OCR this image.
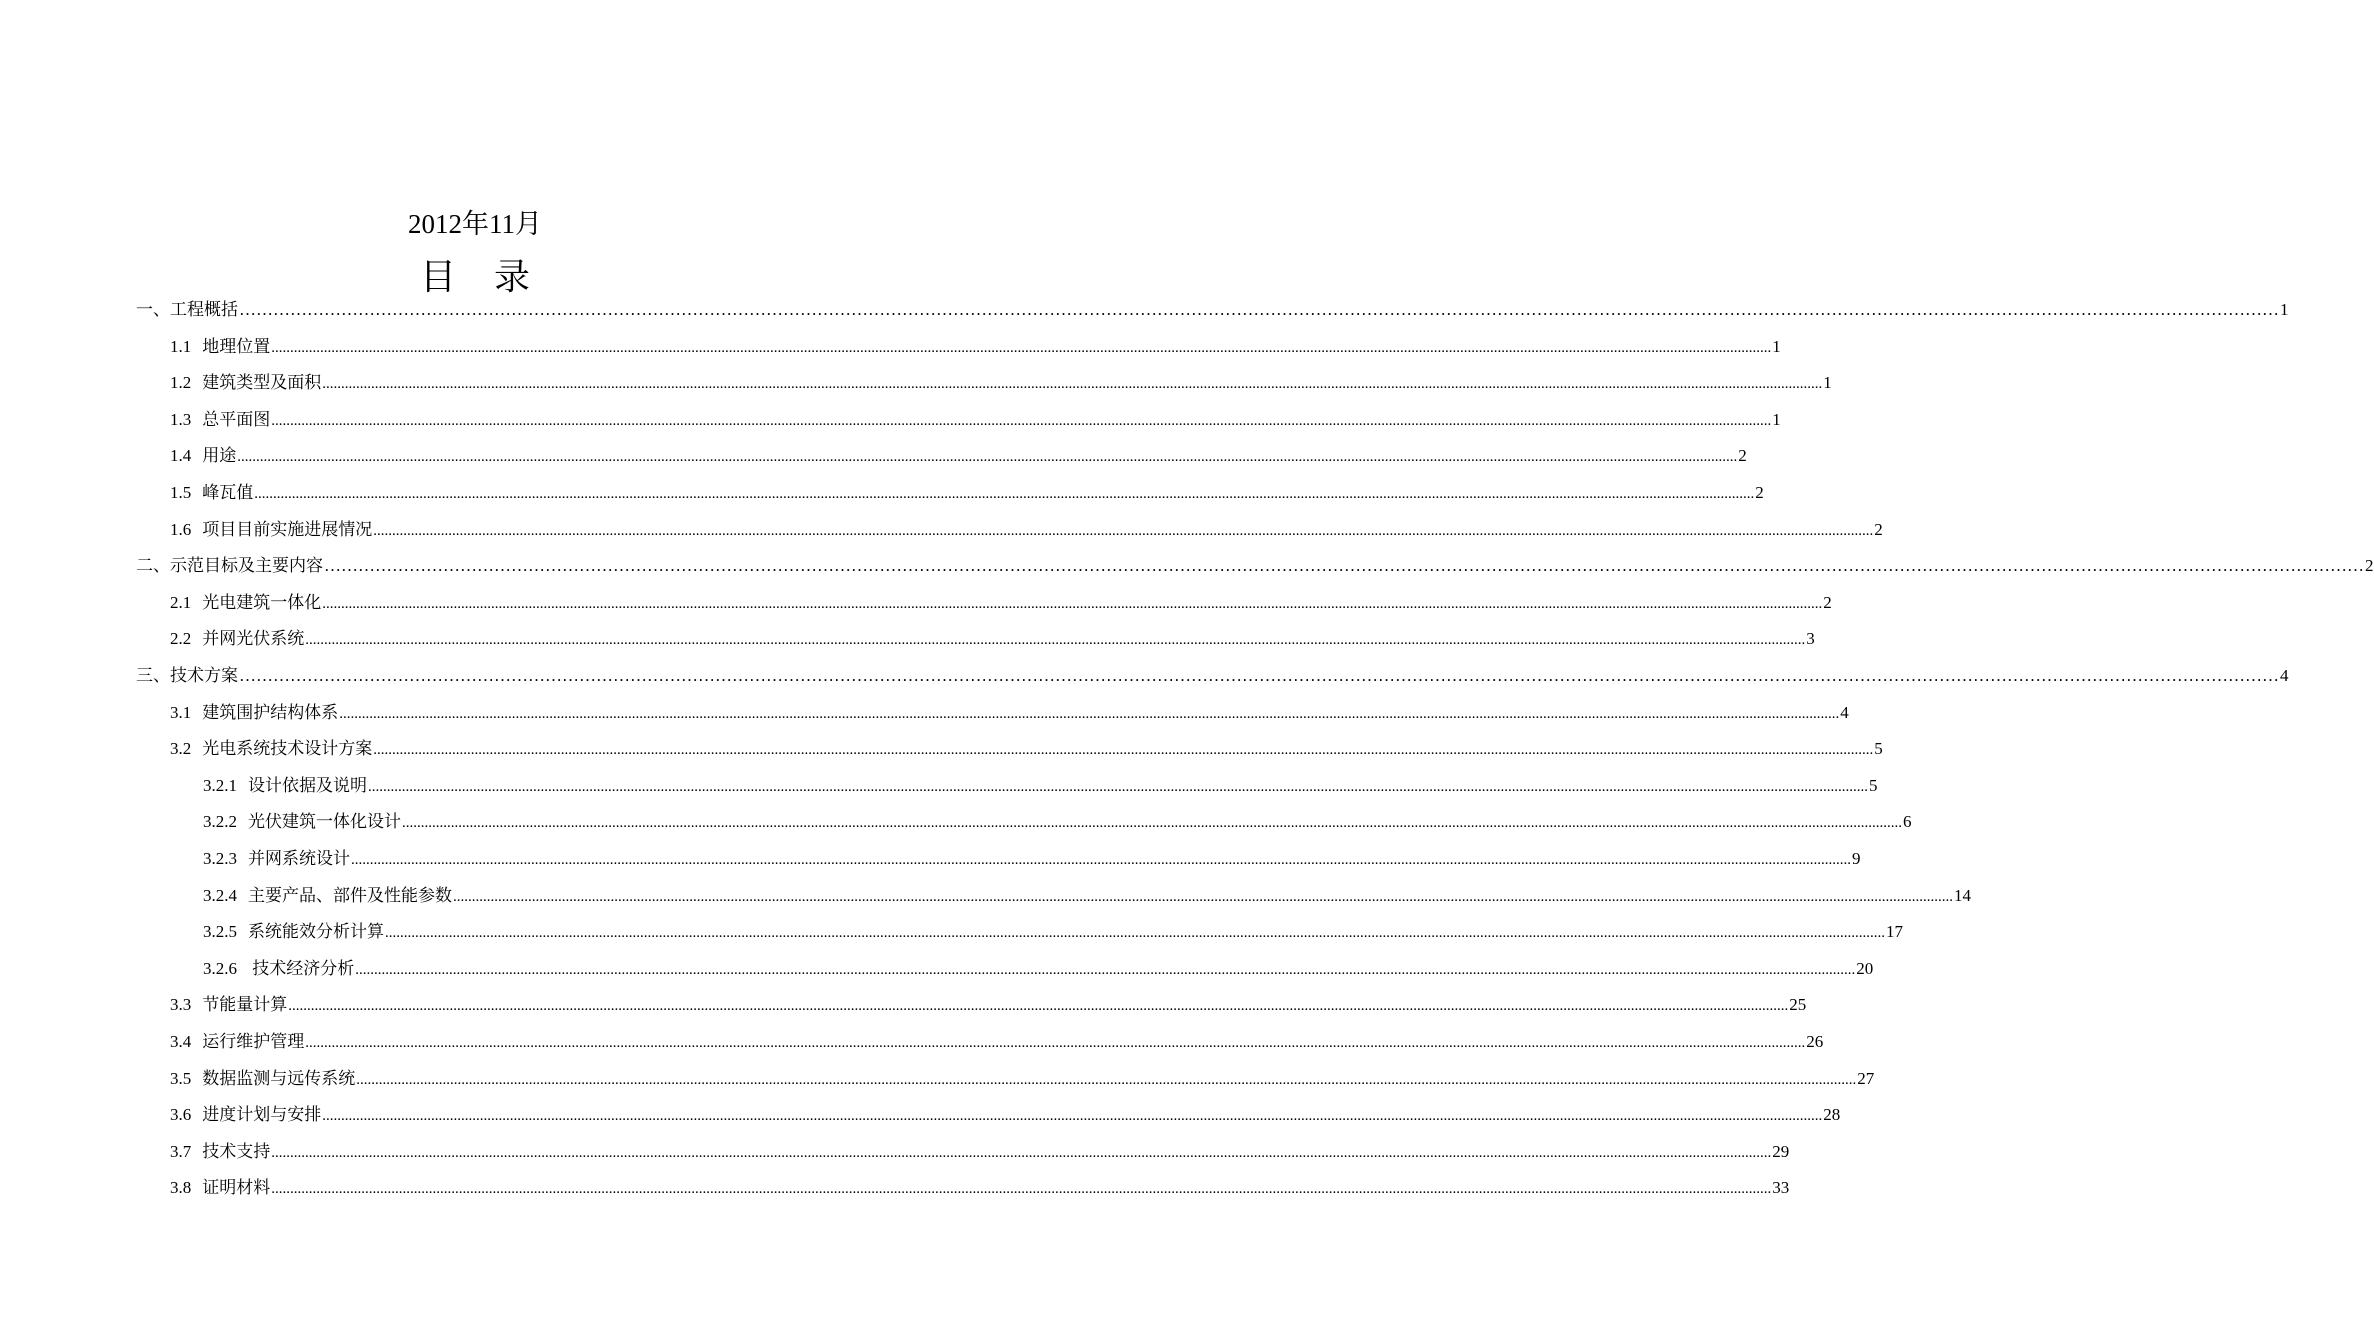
2012年11月
目录
一、工程概括 ……………………………………………………………………………………………………………………………………………………………………………………………………………………………………………………………………………………………………………………………… 1
1.1 地理位置 ................................................................................................................................................................................................................................................................................................................................................................................................................ 1
1.2 建筑类型及面积 ................................................................................................................................................................................................................................................................................................................................................................................................................ 1
1.3 总平面图 ................................................................................................................................................................................................................................................................................................................................................................................................................ 1
1.4 用途 ................................................................................................................................................................................................................................................................................................................................................................................................................ 2
1.5 峰瓦值 ................................................................................................................................................................................................................................................................................................................................................................................................................ 2
1.6 项目目前实施进展情况 ................................................................................................................................................................................................................................................................................................................................................................................................................ 2
二、示范目标及主要内容 ……………………………………………………………………………………………………………………………………………………………………………………………………………………………………………………………………………………………………………………………… 2
2.1 光电建筑一体化 ................................................................................................................................................................................................................................................................................................................................................................................................................ 2
2.2 并网光伏系统 ................................................................................................................................................................................................................................................................................................................................................................................................................ 3
三、技术方案 ……………………………………………………………………………………………………………………………………………………………………………………………………………………………………………………………………………………………………………………………… 4
3.1 建筑围护结构体系 ................................................................................................................................................................................................................................................................................................................................................................................................................ 4
3.2 光电系统技术设计方案 ................................................................................................................................................................................................................................................................................................................................................................................................................ 5
3.2.1 设计依据及说明 ................................................................................................................................................................................................................................................................................................................................................................................................................ 5
3.2.2 光伏建筑一体化设计 ................................................................................................................................................................................................................................................................................................................................................................................................................ 6
3.2.3 并网系统设计 ................................................................................................................................................................................................................................................................................................................................................................................................................ 9
3.2.4 主要产品、部件及性能参数 ................................................................................................................................................................................................................................................................................................................................................................................................................ 14
3.2.5 系统能效分析计算 ................................................................................................................................................................................................................................................................................................................................................................................................................ 17
3.2.6 技术经济分析 ................................................................................................................................................................................................................................................................................................................................................................................................................ 20
3.3 节能量计算 ................................................................................................................................................................................................................................................................................................................................................................................................................ 25
3.4 运行维护管理 ................................................................................................................................................................................................................................................................................................................................................................................................................ 26
3.5 数据监测与远传系统 ................................................................................................................................................................................................................................................................................................................................................................................................................ 27
3.6 进度计划与安排 ................................................................................................................................................................................................................................................................................................................................................................................................................ 28
3.7 技术支持 ................................................................................................................................................................................................................................................................................................................................................................................................................ 29
3.8 证明材料 ................................................................................................................................................................................................................................................................................................................................................................................................................ 33
